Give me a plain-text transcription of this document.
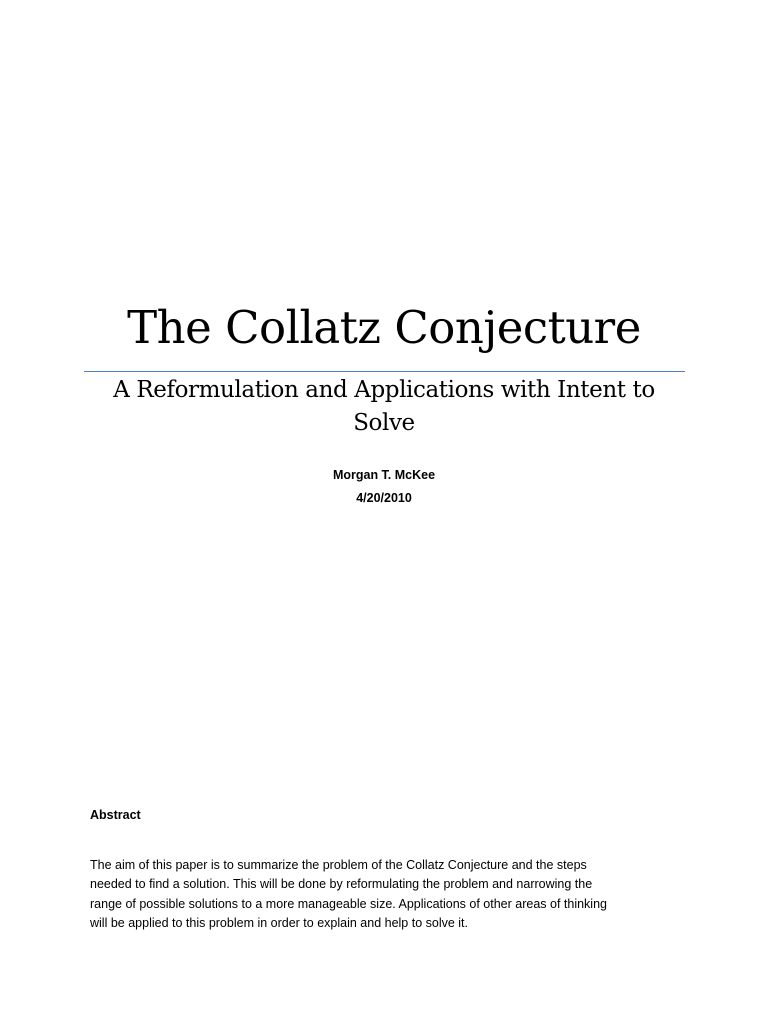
The Collatz Conjecture
A Reformulation and Applications with Intent to
Solve

Morgan T. McKee

4/20/2010

Abstract

The aim of this paper is to summarize the problem of the Collatz Conjecture and the steps
needed to find a solution. This will be done by reformulating the problem and narrowing the
range of possible solutions to a more manageable size. Applications of other areas of thinking
will be applied to this problem in order to explain and help to solve it.
